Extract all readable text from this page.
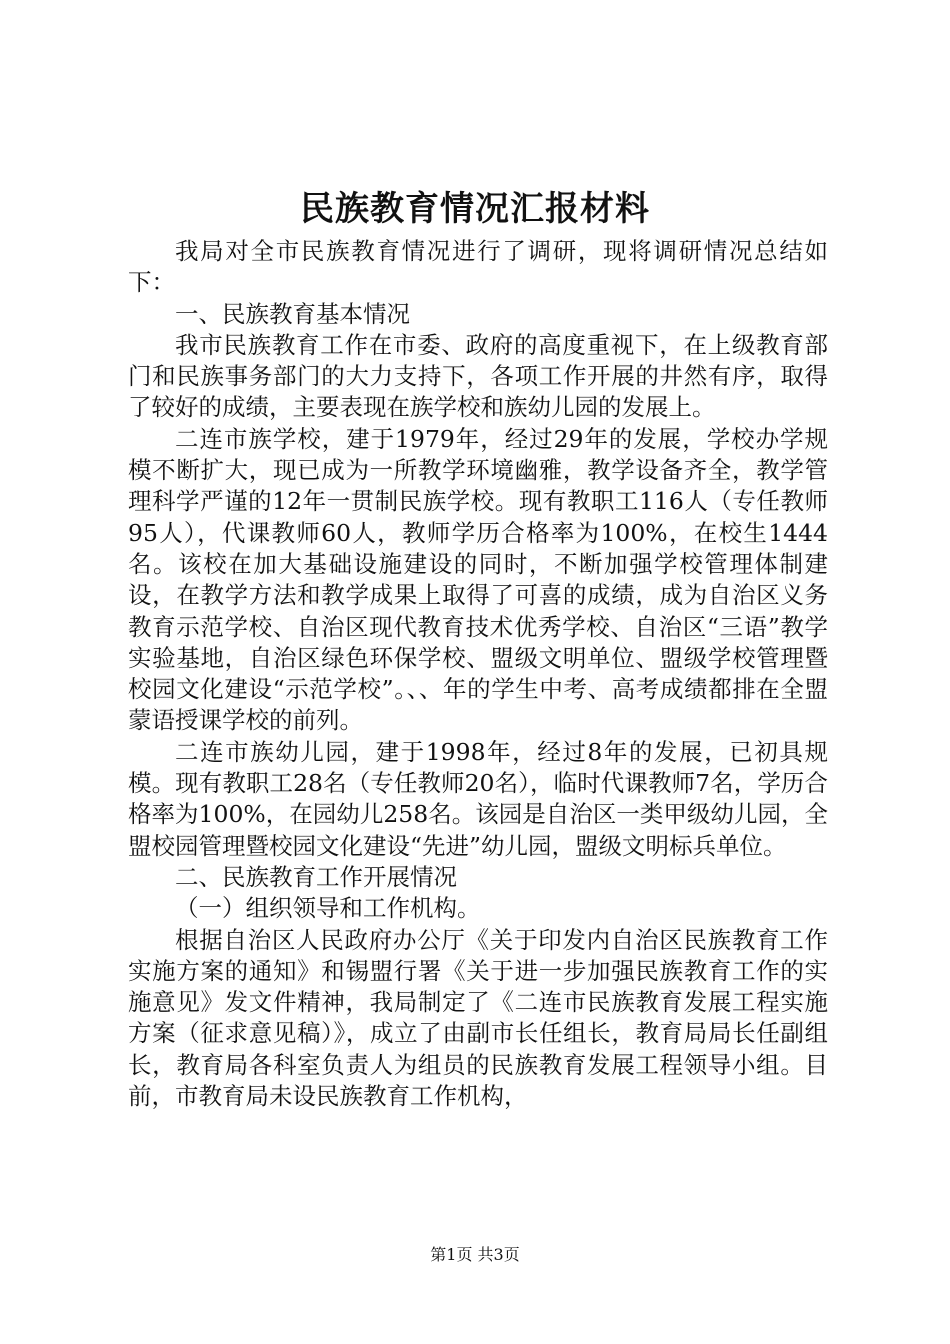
民族教育情况汇报材料

我局对全市民族教育情况进行了调研，现将调研情况总结如下：

一、民族教育基本情况

我市民族教育工作在市委、政府的高度重视下，在上级教育部门和民族事务部门的大力支持下，各项工作开展的井然有序，取得了较好的成绩，主要表现在族学校和族幼儿园的发展上。

二连市族学校，建于1979年，经过29年的发展，学校办学规模不断扩大，现已成为一所教学环境幽雅，教学设备齐全，教学管理科学严谨的12年一贯制民族学校。现有教职工116人（专任教师95人），代课教师60人，教师学历合格率为100%，在校生1444名。该校在加大基础设施建设的同时，不断加强学校管理体制建设，在教学方法和教学成果上取得了可喜的成绩，成为自治区义务教育示范学校、自治区现代教育技术优秀学校、自治区“三语”教学实验基地，自治区绿色环保学校、盟级文明单位、盟级学校管理暨校园文化建设“示范学校”。、、年的学生中考、高考成绩都排在全盟蒙语授课学校的前列。

二连市族幼儿园，建于1998年，经过8年的发展，已初具规模。现有教职工28名（专任教师20名），临时代课教师7名，学历合格率为100%，在园幼儿258名。该园是自治区一类甲级幼儿园，全盟校园管理暨校园文化建设“先进”幼儿园，盟级文明标兵单位。

二、民族教育工作开展情况

（一）组织领导和工作机构。

根据自治区人民政府办公厅《关于印发内自治区民族教育工作实施方案的通知》和锡盟行署《关于进一步加强民族教育工作的实施意见》发文件精神，我局制定了《二连市民族教育发展工程实施方案（征求意见稿）》，成立了由副市长任组长，教育局局长任副组长，教育局各科室负责人为组员的民族教育发展工程领导小组。目前，市教育局未设民族教育工作机构，

第1页 共3页
